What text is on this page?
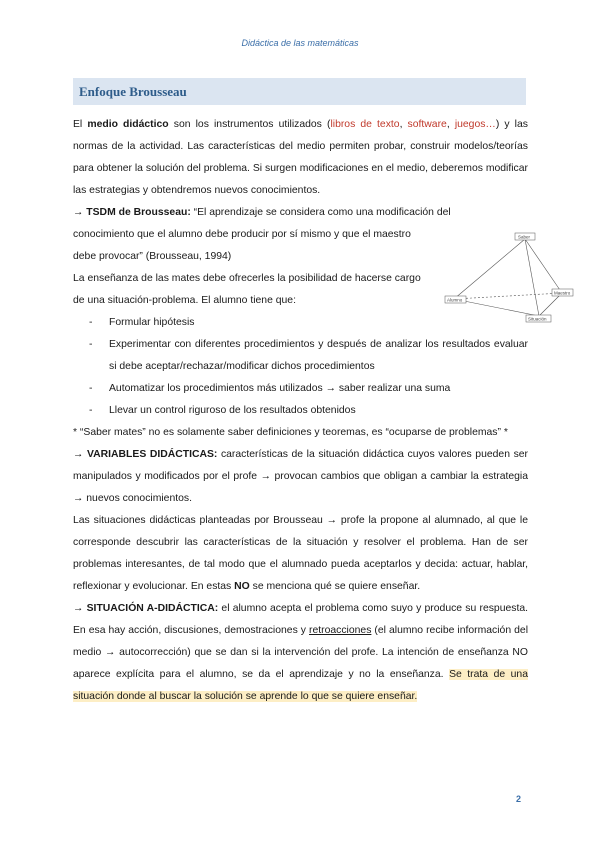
Didáctica de las matemáticas
Enfoque Brousseau

El medio didáctico son los instrumentos utilizados (libros de texto, software, juegos…) y las normas de la actividad. Las características del medio permiten probar, construir modelos/teorías para obtener la solución del problema. Si surgen modificaciones en el medio, deberemos modificar las estrategias y obtendremos nuevos conocimientos.

→ TSDM de Brousseau: “El aprendizaje se considera como una modificación del

conocimiento que el alumno debe producir por sí mismo y que el maestro
debe provocar” (Brousseau, 1994)
La enseñanza de las mates debe ofrecerles la posibilidad de hacerse cargo
de una situación-problema. El alumno tiene que:
- Formular hipótesis
- Experimentar con diferentes procedimientos y después de analizar los resultados evaluar si debe aceptar/rechazar/modificar dichos procedimientos
- Automatizar los procedimientos más utilizados → saber realizar una suma
- Llevar un control riguroso de los resultados obtenidos

* “Saber mates” no es solamente saber definiciones y teoremas, es “ocuparse de problemas” *

→ VARIABLES DIDÁCTICAS: características de la situación didáctica cuyos valores pueden ser manipulados y modificados por el profe → provocan cambios que obligan a cambiar la estrategia → nuevos conocimientos.

Las situaciones didácticas planteadas por Brousseau → profe la propone al alumnado, al que le corresponde descubrir las características de la situación y resolver el problema. Han de ser problemas interesantes, de tal modo que el alumnado pueda aceptarlos y decida: actuar, hablar, reflexionar y evolucionar. En estas NO se menciona qué se quiere enseñar.

→ SITUACIÓN A-DIDÁCTICA: el alumno acepta el problema como suyo y produce su respuesta. En esa hay acción, discusiones, demostraciones y retroacciones (el alumno recibe información del medio → autocorrección) que se dan si la intervención del profe. La intención de enseñanza NO aparece explícita para el alumno, se da el aprendizaje y no la enseñanza. Se trata de una situación donde al buscar la solución se aprende lo que se quiere enseñar.

Saber
Alumno
Maestro
Situación
2
